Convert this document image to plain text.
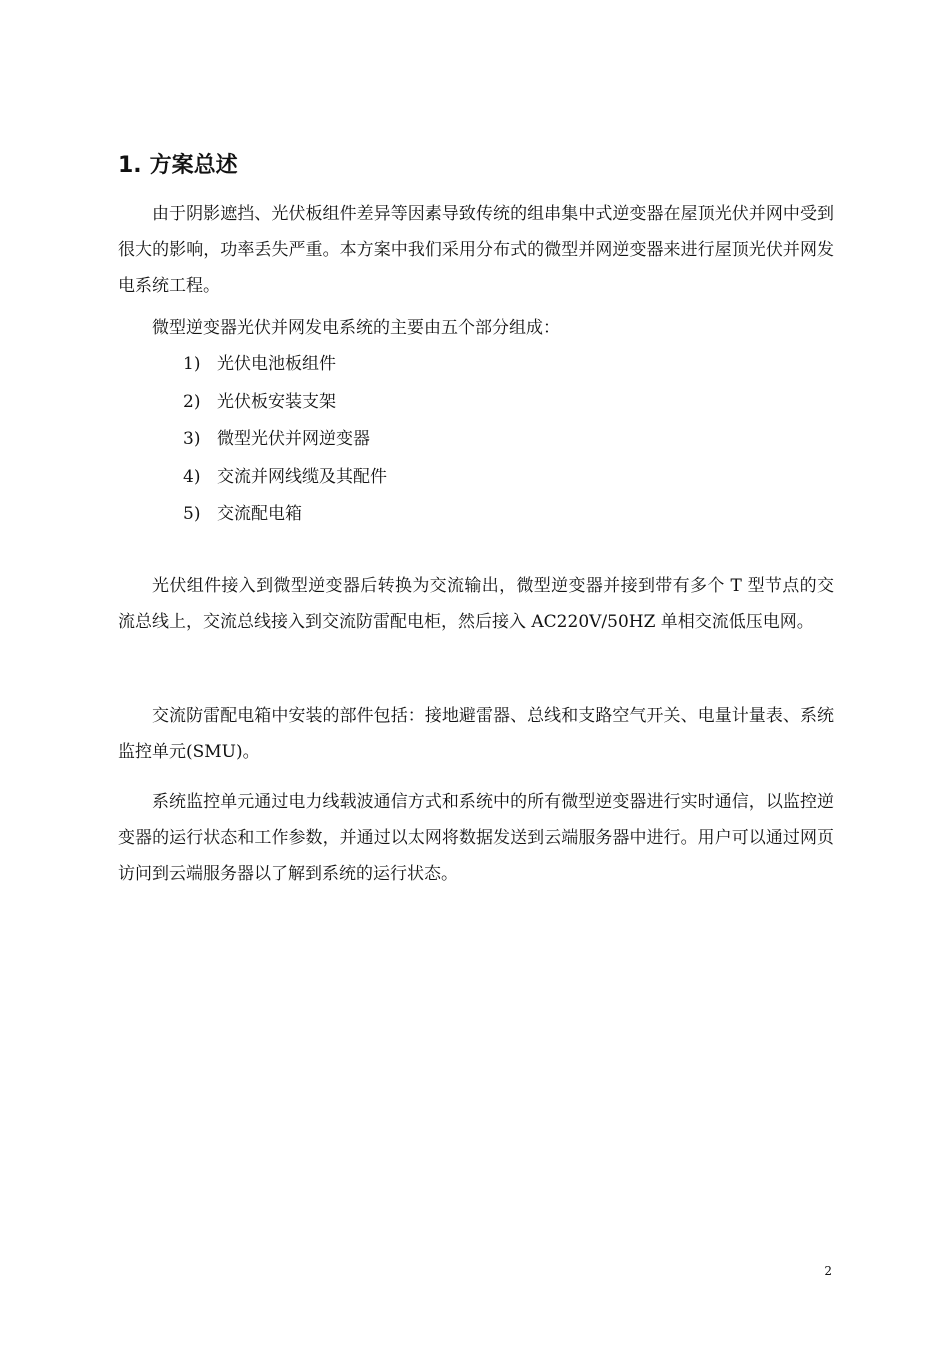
1. 方案总述

由于阴影遮挡、光伏板组件差异等因素导致传统的组串集中式逆变器在屋顶光伏并网中受到很大的影响，功率丢失严重。本方案中我们采用分布式的微型并网逆变器来进行屋顶光伏并网发电系统工程。

微型逆变器光伏并网发电系统的主要由五个部分组成：

1) 光伏电池板组件
2) 光伏板安装支架
3) 微型光伏并网逆变器
4) 交流并网线缆及其配件
5) 交流配电箱

光伏组件接入到微型逆变器后转换为交流输出，微型逆变器并接到带有多个 T 型节点的交流总线上，交流总线接入到交流防雷配电柜，然后接入 AC220V/50HZ 单相交流低压电网。

交流防雷配电箱中安装的部件包括：接地避雷器、总线和支路空气开关、电量计量表、系统监控单元(SMU)。

系统监控单元通过电力线载波通信方式和系统中的所有微型逆变器进行实时通信，以监控逆变器的运行状态和工作参数，并通过以太网将数据发送到云端服务器中进行。用户可以通过网页访问到云端服务器以了解到系统的运行状态。

2
